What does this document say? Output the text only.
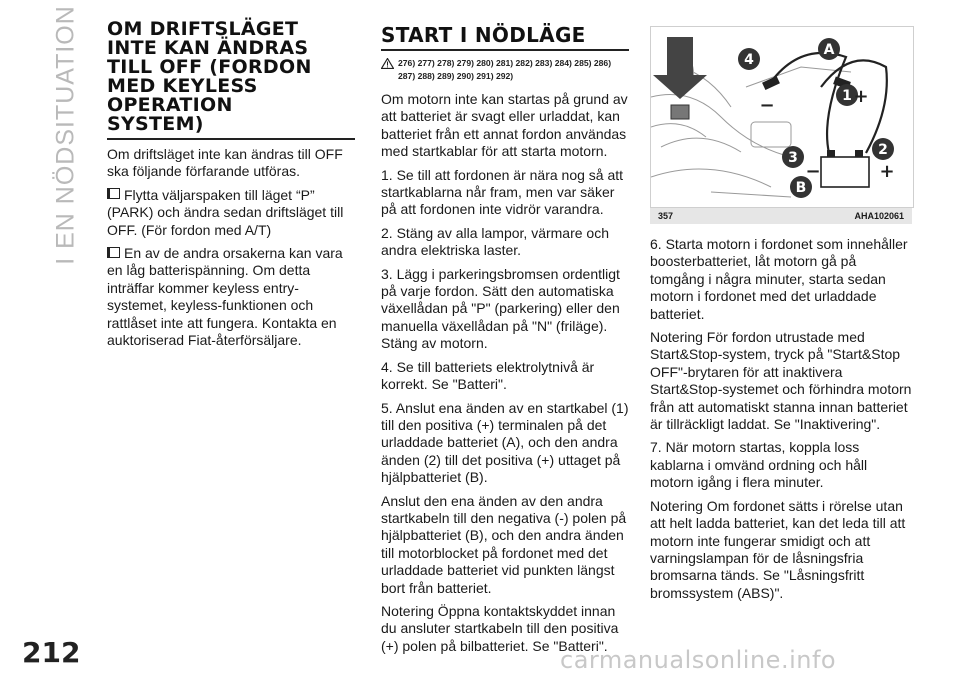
I EN NÖDSITUATION OM DRIFTSLÄGET
INTE KAN ÄNDRAS
TILL OFF (FORDON
MED KEYLESS
OPERATION
SYSTEM)

Om driftsläget inte kan ändras till OFF ska följande förfarande utföras.

Flytta väljarspaken till läget “P” (PARK) och ändra sedan driftsläget till OFF. (För fordon med A/T)

En av de andra orsakerna kan vara en låg batterispänning. Om detta inträffar kommer keyless entry-systemet, keyless-funktionen och rattlåset inte att fungera. Kontakta en auktoriserad Fiat-återförsäljare.

START I NÖDLÄGE
276) 277) 278) 279) 280) 281) 282) 283) 284) 285) 286) 287) 288) 289) 290) 291) 292)

Om motorn inte kan startas på grund av att batteriet är svagt eller urladdat, kan batteriet från ett annat fordon användas med startkablar för att starta motorn.

1. Se till att fordonen är nära nog så att startkablarna når fram, men var säker på att fordonen inte vidrör varandra.

2. Stäng av alla lampor, värmare och andra elektriska laster.

3. Lägg i parkeringsbromsen ordentligt på varje fordon. Sätt den automatiska växellådan på "P" (parkering) eller den manuella växellådan på "N" (friläge). Stäng av motorn.

4. Se till batteriets elektrolytnivå är korrekt. Se "Batteri".

5. Anslut ena änden av en startkabel (1) till den positiva (+) terminalen på det urladdade batteriet (A), och den andra änden (2) till det positiva (+) uttaget på hjälpbatteriet (B).

Anslut den ena änden av den andra startkabeln till den negativa (-) polen på hjälpbatteriet (B), och den andra änden till motorblocket på fordonet med det urladdade batteriet vid punkten längst bort från batteriet.

Notering Öppna kontaktskyddet innan du ansluter startkabeln till den positiva (+) polen på bilbatteriet. Se "Batteri".

A
4
1
3	2
B
−	+
−	+
357	AHA102061

6. Starta motorn i fordonet som innehåller boosterbatteriet, låt motorn gå på tomgång i några minuter, starta sedan motorn i fordonet med det urladdade batteriet.

Notering För fordon utrustade med Start&Stop-system, tryck på "Start&Stop OFF"-brytaren för att inaktivera Start&Stop-systemet och förhindra motorn från att automatiskt stanna innan batteriet är tillräckligt laddat. Se "Inaktivering".

7. När motorn startas, koppla loss kablarna i omvänd ordning och håll motorn igång i flera minuter.

Notering Om fordonet sätts i rörelse utan att helt ladda batteriet, kan det leda till att motorn inte fungerar smidigt och att varningslampan för de låsningsfria bromsarna tänds. Se "Låsningsfritt bromssystem (ABS)".

212	carmanualsonline.info
